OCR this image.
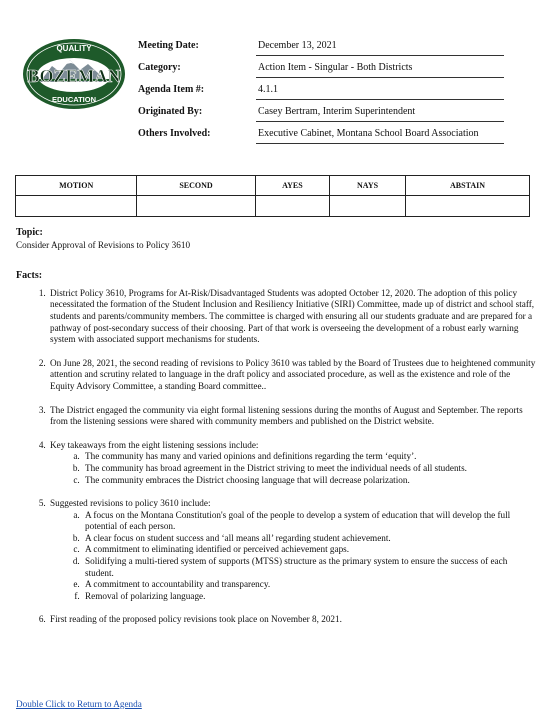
QUALITY
BOZEMAN
EDUCATION
Meeting Date:	December 13, 2021
Category:	Action Item - Singular - Both Districts
Agenda Item #:	4.1.1
Originated By:	Casey Bertram, Interim Superintendent
Others Involved:	Executive Cabinet, Montana School Board Association
MOTION	SECOND	AYES	NAYS	ABSTAIN

Topic:
Consider Approval of Revisions to Policy 3610
Facts:
1. District Policy 3610, Programs for At-Risk/Disadvantaged Students was adopted October 12, 2020. The adoption of this policy necessitated the formation of the Student Inclusion and Resiliency Initiative (SIRI) Committee, made up of district and school staff, students and parents/community members. The committee is charged with ensuring all our students graduate and are prepared for a pathway of post-secondary success of their choosing. Part of that work is overseeing the development of a robust early warning system with associated support mechanisms for students.
2. On June 28, 2021, the second reading of revisions to Policy 3610 was tabled by the Board of Trustees due to heightened community attention and scrutiny related to language in the draft policy and associated procedure, as well as the existence and role of the Equity Advisory Committee, a standing Board committee..
3. The District engaged the community via eight formal listening sessions during the months of August and September. The reports from the listening sessions were shared with community members and published on the District website.
4. Key takeaways from the eight listening sessions include:
a. The community has many and varied opinions and definitions regarding the term ‘equity’.
b. The community has broad agreement in the District striving to meet the individual needs of all students.
c. The community embraces the District choosing language that will decrease polarization.
5. Suggested revisions to policy 3610 include:
a. A focus on the Montana Constitution's goal of the people to develop a system of education that will develop the full potential of each person.
b. A clear focus on student success and ‘all means all’ regarding student achievement.
c. A commitment to eliminating identified or perceived achievement gaps.
d. Solidifying a multi-tiered system of supports (MTSS) structure as the primary system to ensure the success of each student.
e. A commitment to accountability and transparency.
f. Removal of polarizing language.
6. First reading of the proposed policy revisions took place on November 8, 2021.
Double Click to Return to Agenda
